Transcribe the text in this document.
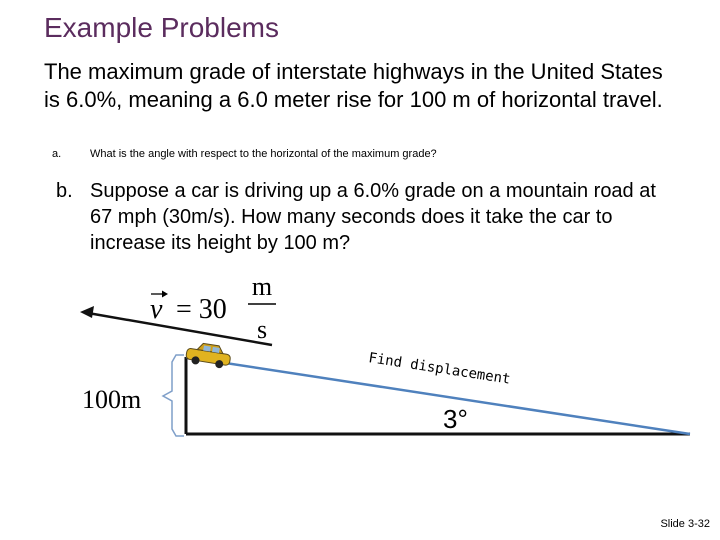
Example Problems
The maximum grade of interstate highways in the United States is 6.0%, meaning a 6.0 meter rise for 100 m of horizontal travel.
a.	What is the angle with respect to the horizontal of the maximum grade?
b. Suppose a car is driving up a 6.0% grade on a mountain road at 67 mph (30m/s). How many seconds does it take the car to increase its height by 100 m?
v = 30
m
s
100m
Find displacement
3°
Slide 3-32
